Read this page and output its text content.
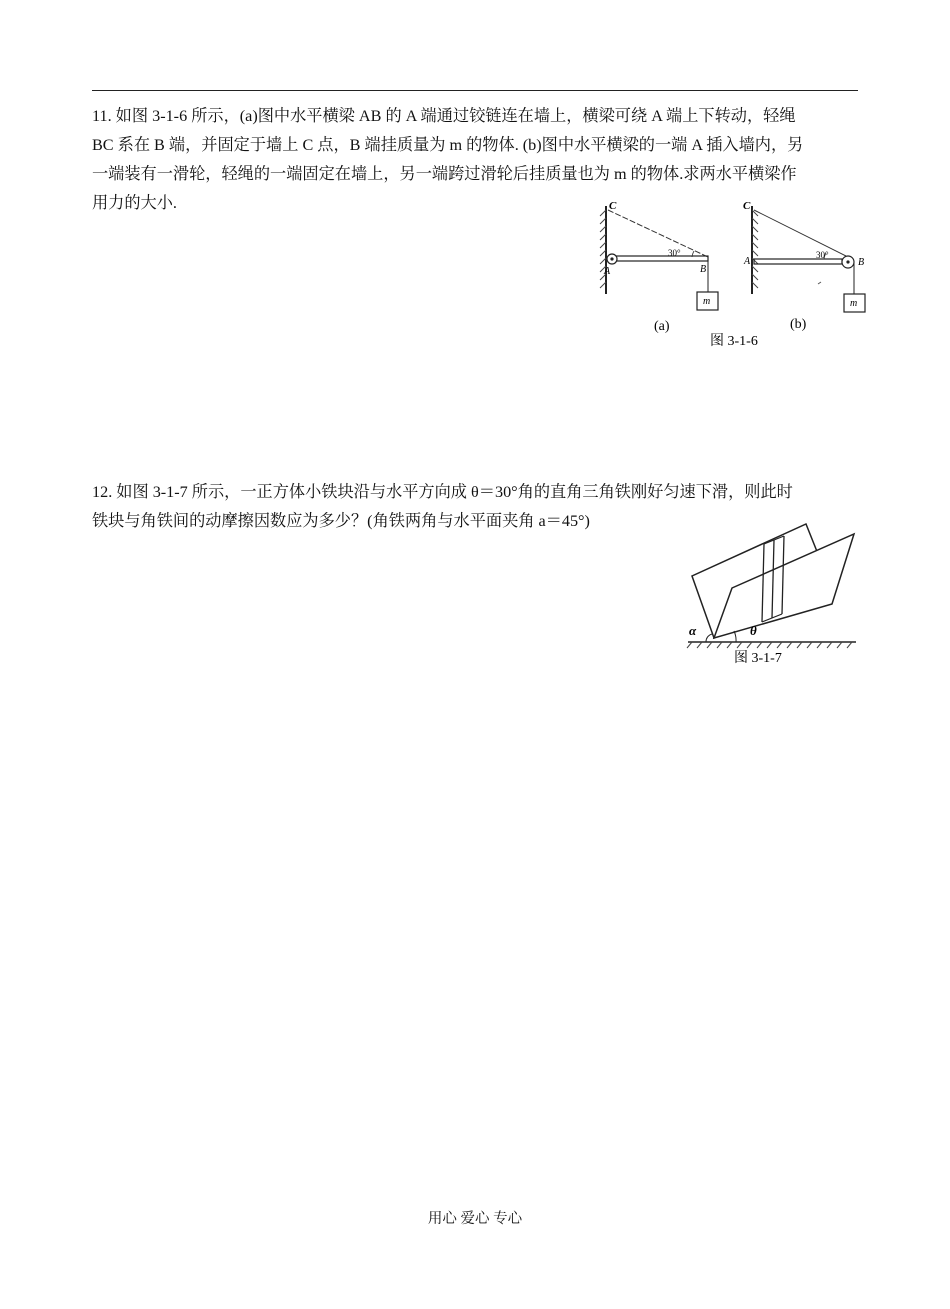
11. 如图 3-1-6 所示，(a)图中水平横梁 AB 的 A 端通过铰链连在墙上，横梁可绕 A 端上下转动，轻绳
BC 系在 B 端，并固定于墙上 C 点，B 端挂质量为 m 的物体. (b)图中水平横梁的一端 A 插入墙内，另
一端装有一滑轮，轻绳的一端固定在墙上，另一端跨过滑轮后挂质量也为 m 的物体.求两水平横梁作
用力的大小.	C
A	B
30°
m
C
A	B
30°
m
(a)	(b)
图 3-1-6
12. 如图 3-1-7 所示，一正方体小铁块沿与水平方向成 θ＝30°角的直角三角铁刚好匀速下滑，则此时
铁块与角铁间的动摩擦因数应为多少？(角铁两角与水平面夹角 a＝45°)
α	θ
图 3-1-7
用心 爱心 专心
